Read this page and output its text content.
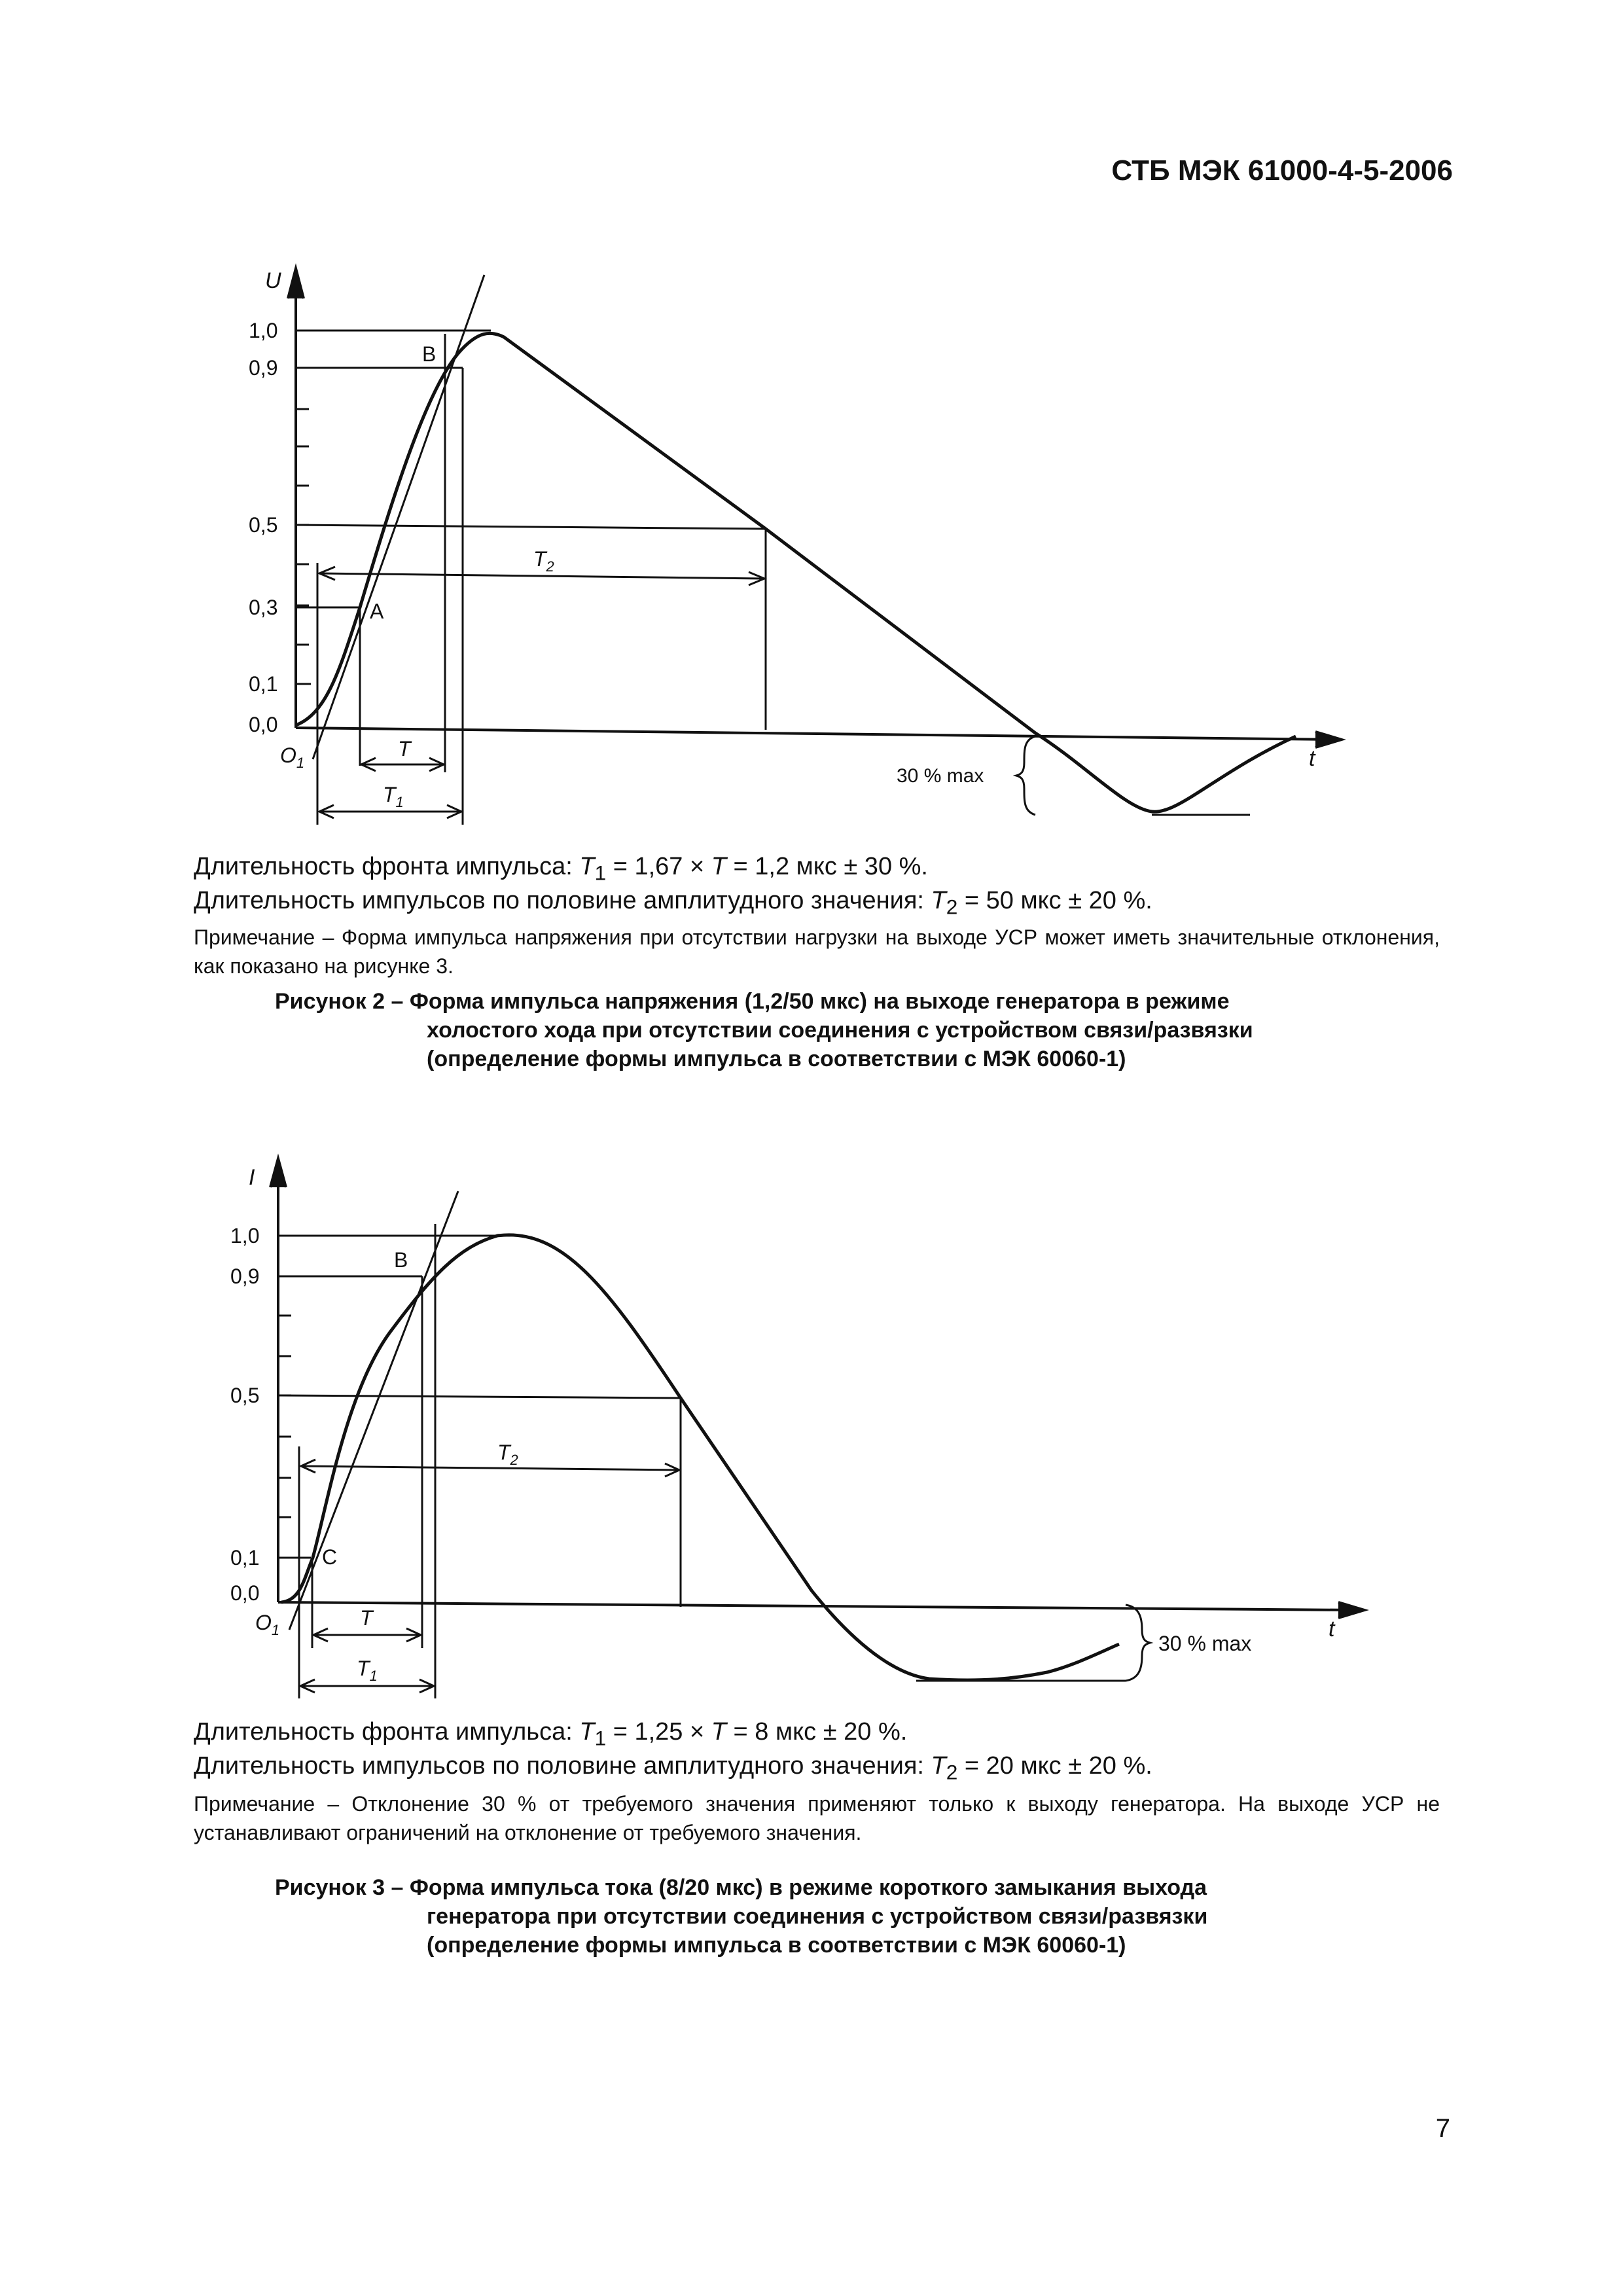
СТБ МЭК 61000-4-5-2006
U
t
1,0
0,9
0,5
0,3
0,1
0,0
B
A
$O_1$
T
$T_1$
$T_2$
30 % max
Длительность фронта импульса: $T_1 = 1,67 \times T = 1,2$ мкс ± 30 %.
Длительность импульсов по половине амплитудного значения: $T_2 = 50$ мкс ± 20 %.
Примечание – Форма импульса напряжения при отсутствии нагрузки на выходе УСР может иметь значительные отклонения, как показано на рисунке 3.
Рисунок 2 – Форма импульса напряжения (1,2/50 мкс) на выходе генератора в режиме
холостого хода при отсутствии соединения с устройством связи/развязки
(определение формы импульса в соответствии с МЭК 60060-1)
I
t
1,0
0,9
0,5
0,1
0,0
B
C
$O_1$
T
$T_1$
$T_2$
30 % max
Длительность фронта импульса: $T_1 = 1,25 \times T = 8$ мкс ± 20 %.
Длительность импульсов по половине амплитудного значения: $T_2 = 20$ мкс ± 20 %.
Примечание – Отклонение 30 % от требуемого значения применяют только к выходу генератора. На выходе УСР не устанавливают ограничений на отклонение от требуемого значения.
Рисунок 3 – Форма импульса тока (8/20 мкс) в режиме короткого замыкания выхода
генератора при отсутствии соединения с устройством связи/развязки
(определение формы импульса в соответствии с МЭК 60060-1)
7
